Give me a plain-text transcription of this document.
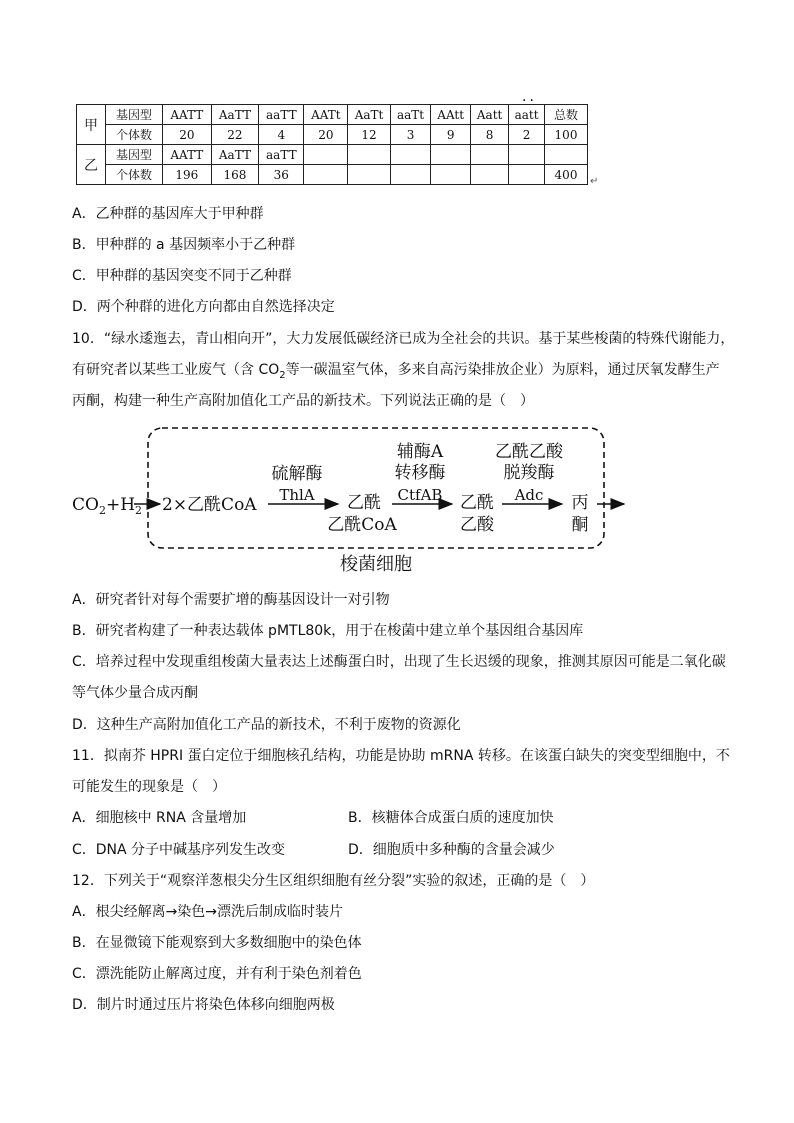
··
甲	基因型	AATT	AaTT	aaTT	AATt	AaTt	aaTt	AAtt	Aatt	aatt	总数
	个体数	20	22	4	20	12	3	9	8	2	100
乙	基因型	AATT	AaTT	aaTT							
	个体数	196	168	36							400 ↵
A．乙种群的基因库大于甲种群
B．甲种群的 a 基因频率小于乙种群
C．甲种群的基因突变不同于乙种群
D．两个种群的进化方向都由自然选择决定
10．“绿水逶迤去，青山相向开”，大力发展低碳经济已成为全社会的共识。基于某些梭菌的特殊代谢能力，
有研究者以某些工业废气（含 $CO_2$等一碳温室气体，多来自高污染排放企业）为原料，通过厌氧发酵生产
丙酮，构建一种生产高附加值化工产品的新技术。下列说法正确的是（　）
$CO_2+H_2$ 2×乙酰CoA
硫解酶
ThlA 乙酰
乙酰CoA
辅酶A
转移酶
CtfAB 乙酰
乙酸
乙酰乙酸
脱羧酶
Adc 丙
酮
梭菌细胞
A．研究者针对每个需要扩增的酶基因设计一对引物
B．研究者构建了一种表达载体 pMTL80k，用于在梭菌中建立单个基因组合基因库
C．培养过程中发现重组梭菌大量表达上述酶蛋白时，出现了生长迟缓的现象，推测其原因可能是二氧化碳
等气体少量合成丙酮
D．这种生产高附加值化工产品的新技术，不利于废物的资源化
11．拟南芥 HPRI 蛋白定位于细胞核孔结构，功能是协助 mRNA 转移。在该蛋白缺失的突变型细胞中，不
可能发生的现象是（　）
A．细胞核中 RNA 含量增加	B．核糖体合成蛋白质的速度加快
C．DNA 分子中碱基序列发生改变	D．细胞质中多种酶的含量会减少
12．下列关于“观察洋葱根尖分生区组织细胞有丝分裂”实验的叙述，正确的是（　）
A．根尖经解离→染色→漂洗后制成临时装片
B．在显微镜下能观察到大多数细胞中的染色体
C．漂洗能防止解离过度，并有利于染色剂着色
D．制片时通过压片将染色体移向细胞两极
